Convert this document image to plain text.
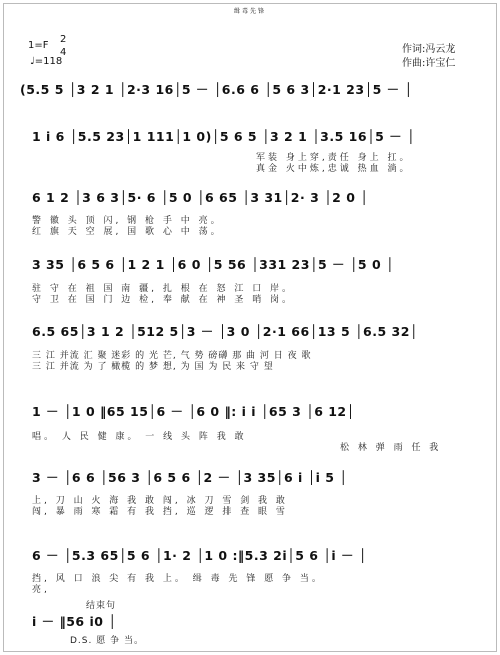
缉毒先锋
1=F
2
4
♩=118
作词:冯云龙
作曲:许宝仁
(5.5 5 │3 2 1 │2·3 16│5 － │6.6 6 │5 6 3│2·1 23│5 － │
1 i 6 │5.5 23│1 111│1 0)│5 6 5 │3 2 1 │3.5 16│5 － │
军装 身上穿,责任 身上 扛。
真金 火中炼,忠诚 热血 淌。
6 1 2 │3 6 3│5· 6 │5 0 │6 65 │3 31│2· 3 │2 0 │
警 徽 头 顶 闪, 钢 枪 手 中 亮。
红 旗 天 空 展, 国 歌 心 中 荡。
3 35 │6 5 6 │1 2 1 │6 0 │5 56 │331 23│5 － │5 0 │
驻 守 在 祖 国 南 疆, 扎 根 在 怒 江 口 岸。
守 卫 在 国 门 边 检, 奉 献 在 神 圣 哨 岗。
6.5 65│3 1 2 │512 5│3 － │3 0 │2·1 66│13 5 │6.5 32│
三 江 并流 汇 聚 迷彩 的 光 芒, 气 势 磅礴 那 曲 河 日 夜 歌
三 江 并流 为 了 橄榄 的 梦 想, 为 国 为 民 来 守 望
1 － │1 0 ‖65 15│6 － │6 0 ‖: i i │65 3 │6 12│
唱。 人 民 健 康。 一 线 头 阵 我 敢
松 林 弹 雨 任 我
3 － │6 6 │56 3 │6 5 6 │2 － │3 35│6 i │i 5 │
上, 刀 山 火 海 我 敢 闯, 冰 刀 雪 剑 我 敢
闯, 暴 雨 寒 霜 有 我 挡, 巡 逻 排 查 眼 雪
6 － │5.3 65│5 6 │1· 2 │1 0 :‖5.3 2i│5 6 │i － │
挡, 风 口 浪 尖 有 我 上。 缉 毒 先 锋 愿 争 当。
亮,
结束句
i － ‖56 i0 │
D.S. 愿 争 当。
